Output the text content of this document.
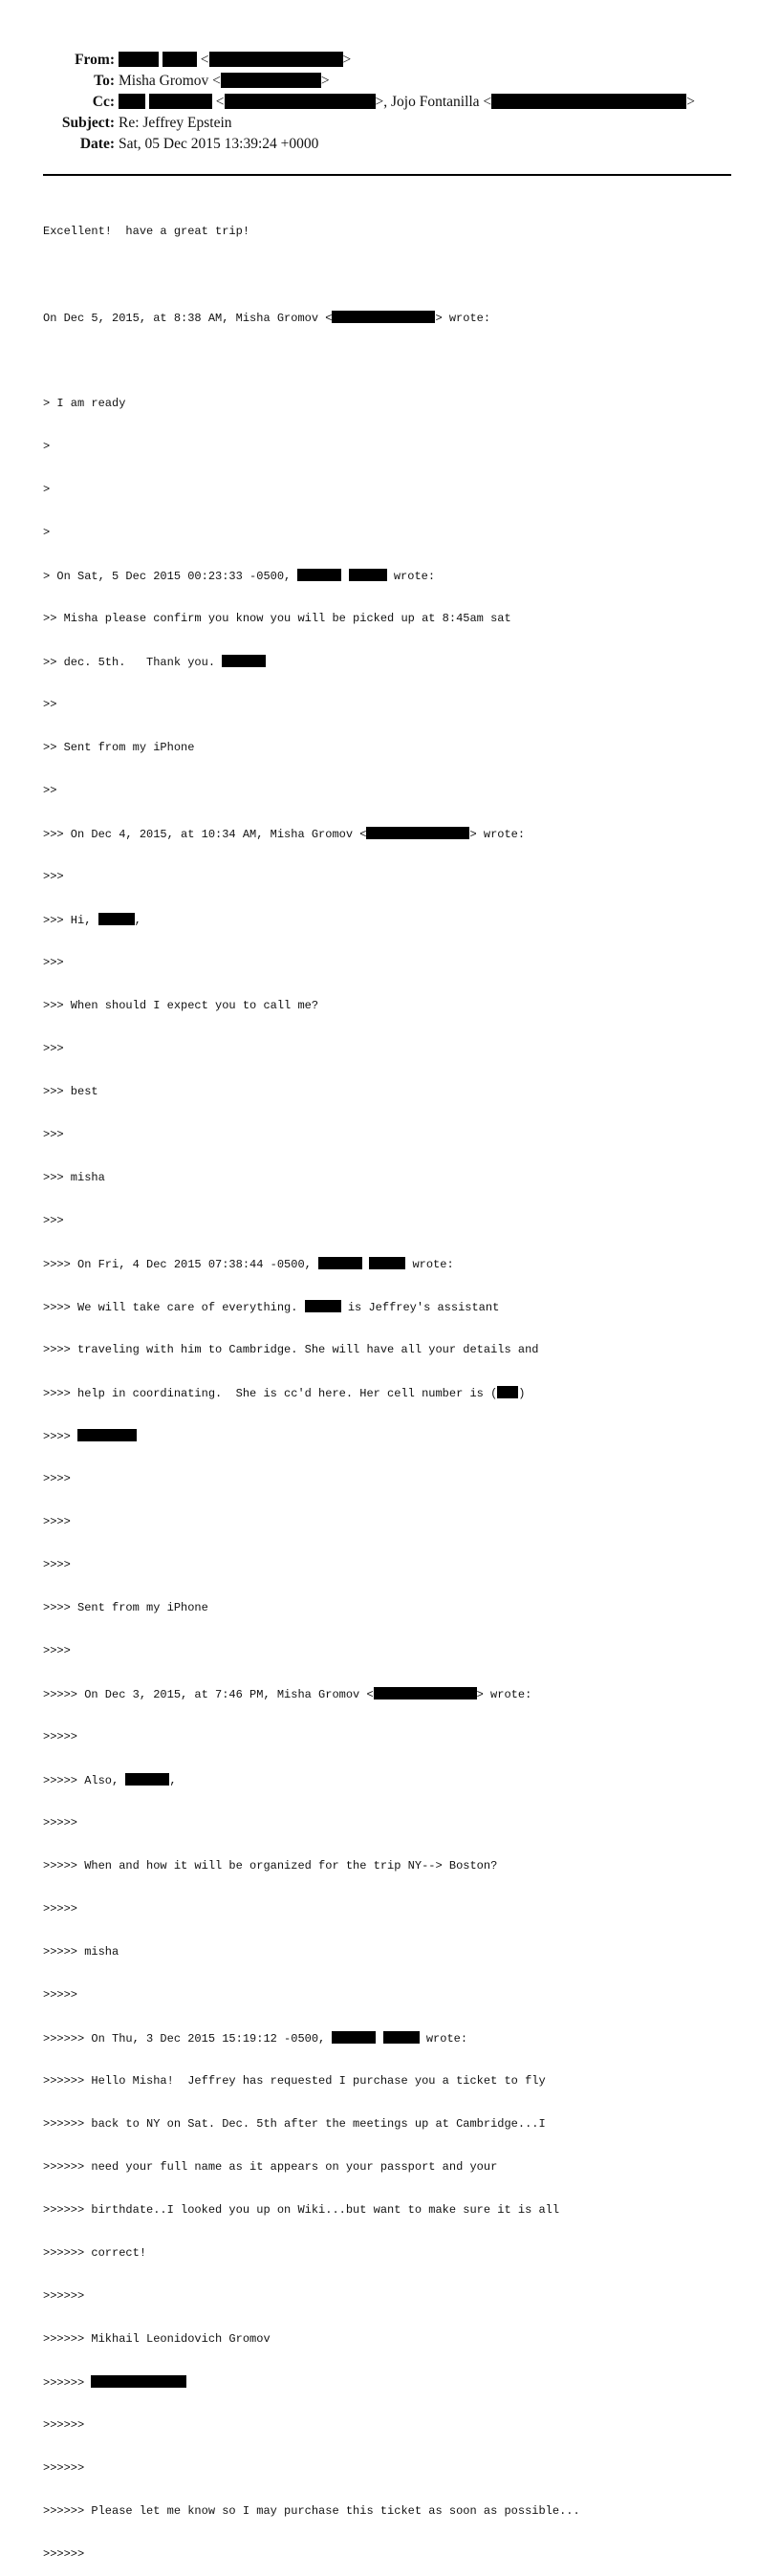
From:	<	>
To: Misha Gromov <	>
Cc:	<	>, Jojo Fontanilla <	>
Subject: Re: Jeffrey Epstein
Date: Sat, 05 Dec 2015 13:39:24 +0000

Excellent!  have a great trip!

On Dec 5, 2015, at 8:38 AM, Misha Gromov <	> wrote:

> I am ready

>

>

>

> On Sat, 5 Dec 2015 00:23:33 -0500,	wrote:

>> Misha please confirm you know you will be picked up at 8:45am sat

>> dec. 5th.   Thank you.

>>

>> Sent from my iPhone

>>

>>> On Dec 4, 2015, at 10:34 AM, Misha Gromov <	> wrote:

>>>

>>> Hi,	,

>>>

>>> When should I expect you to call me?

>>>

>>> best

>>>

>>> misha

>>>

>>>> On Fri, 4 Dec 2015 07:38:44 -0500,	wrote:

>>>> We will take care of everything.	is Jeffrey's assistant

>>>> traveling with him to Cambridge. She will have all your details and

>>>> help in coordinating.  She is cc'd here. Her cell number is ( )

>>>>

>>>>

>>>>

>>>>

>>>> Sent from my iPhone

>>>>

>>>>> On Dec 3, 2015, at 7:46 PM, Misha Gromov <	> wrote:

>>>>>

>>>>> Also,	,

>>>>>

>>>>> When and how it will be organized for the trip NY--> Boston?

>>>>>

>>>>> misha

>>>>>

>>>>>> On Thu, 3 Dec 2015 15:19:12 -0500,	wrote:

>>>>>> Hello Misha!  Jeffrey has requested I purchase you a ticket to fly

>>>>>> back to NY on Sat. Dec. 5th after the meetings up at Cambridge...I

>>>>>> need your full name as it appears on your passport and your

>>>>>> birthdate..I looked you up on Wiki...but want to make sure it is all

>>>>>> correct!

>>>>>>

>>>>>> Mikhail Leonidovich Gromov

>>>>>>

>>>>>>

>>>>>>

>>>>>> Please let me know so I may purchase this ticket as soon as possible...

>>>>>>
